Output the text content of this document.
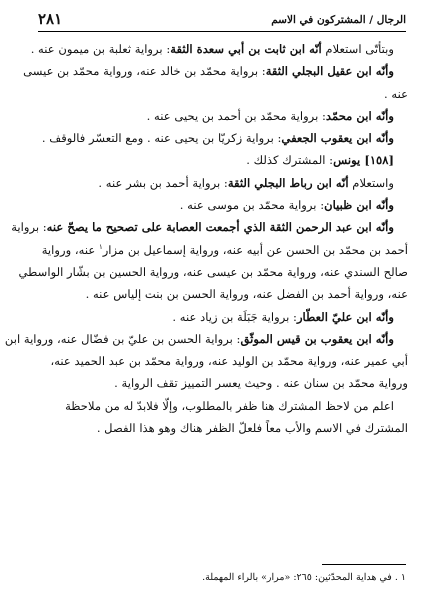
الرجال / المشتركون في الاسم
٢٨١

وبتأتّى استعلام أنّه ابن ثابت بن أبي سعدة الثقة: برواية ثعلبة بن ميمون عنه .
وأنّه ابن عقيل البجلي الثقة: برواية محمّد بن خالد عنه، ورواية محمّد بن عيسى
عنه .
وأنّه ابن محمّد: برواية محمّد بن أحمد بن يحيى عنه .
وأنّه ابن يعقوب الجعفي: برواية زكريّا بن يحيى عنه . ومع التعسّر فالوقف .
[١٥٨] يونس: المشترك كذلك .
واستعلام أنّه ابن رباط البجلي الثقة: برواية أحمد بن بشر عنه .
وأنّه ابن ظبيان: برواية محمّد بن موسى عنه .
وأنّه ابن عبد الرحمن الثقة الذي أجمعت العصابة على تصحيح ما يصحّ عنه: برواية
أحمد بن محمّد بن الحسن عن أبيه عنه، ورواية إسماعيل بن مزار$^١$ عنه، ورواية
صالح السندي عنه، ورواية محمّد بن عيسى عنه، ورواية الحسين بن بشّار الواسطي
عنه، ورواية أحمد بن الفضل عنه، ورواية الحسن بن بنت إلياس عنه .
وأنّه ابن عليّ العطّار: برواية جَبَلَة بن زياد عنه .
وأنّه ابن يعقوب بن قيس الموثّق: برواية الحسن بن عليّ بن فضّال عنه، ورواية ابن
أبي عمير عنه، ورواية محمّد بن الوليد عنه، ورواية محمّد بن عبد الحميد عنه،
ورواية محمّد بن سنان عنه . وحيث يعسر التمييز تقف الرواية .
اعلم من لاحظ المشترك هنا ظفر بالمطلوب، وإلّا فلابدّ له من ملاحظة
المشترك في الاسم والأب معاً فلعلّ الظفر هناك وهو هذا الفصل .

١ . في هداية المحدّثين: ٢٦٥: «مرار» بالراء المهملة.
